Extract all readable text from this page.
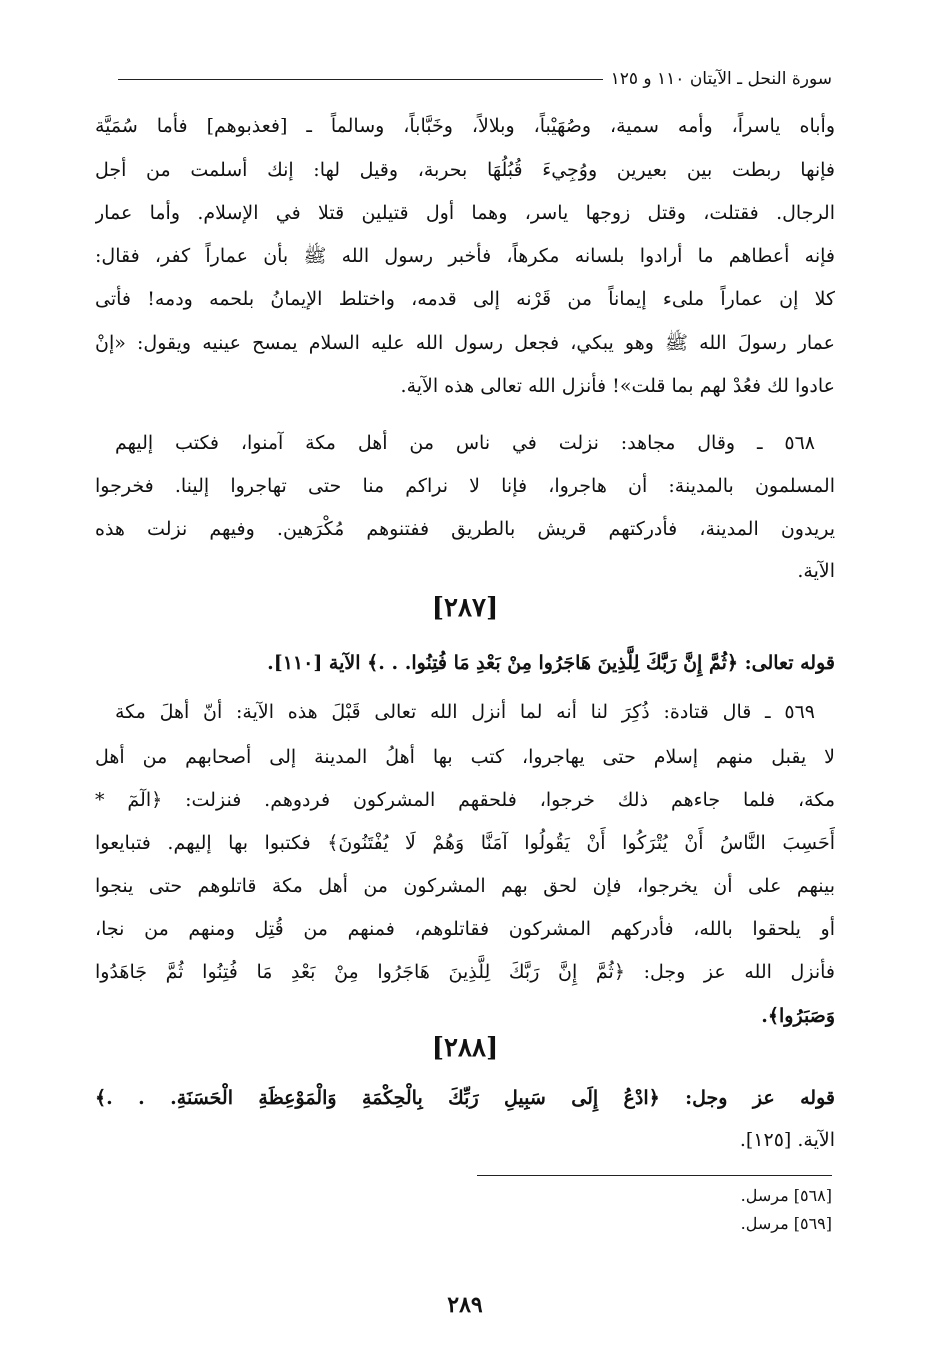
سورة النحل ـ الآيتان ١١٠ و ١٢٥
وأباه ياسراً، وأمه سمية، وصُهَيْباً، وبلالاً، وخَبَّاباً، وسالماً ـ [فعذبوهم] فأما سُمَيَّة
فإنها ربطت بين بعيرين ووُجِيءَ قُبُلُهَا بحربة، وقيل لها: إنك أسلمت من أجل
الرجال. فقتلت، وقتل زوجها ياسر، وهما أول قتيلين قتلا في الإسلام. وأما عمار
فإنه أعطاهم ما أرادوا بلسانه مكرهاً، فأخبر رسول الله ﷺ بأن عماراً كفر، فقال:
كلا إن عماراً ملىء إيماناً من قَرْنه إلى قدمه، واختلط الإيمانُ بلحمه ودمه! فأتى
عمار رسولَ الله ﷺ وهو يبكي، فجعل رسول الله عليه السلام يمسح عينيه ويقول: «إنْ
عادوا لك فعُدْ لهم بما قلت»! فأنزل الله تعالى هذه الآية.
٥٦٨ ـ وقال مجاهد: نزلت في ناس من أهل مكة آمنوا، فكتب إليهم
المسلمون بالمدينة: أن هاجروا، فإنا لا نراكم منا حتى تهاجروا إلينا. فخرجوا
يريدون المدينة، فأدركتهم قريش بالطريق ففتنوهم مُكْرَهين. وفيهم نزلت هذه
الآية.
[٢٨٧]
قوله تعالى: ﴿ثُمَّ إِنَّ رَبَّكَ لِلَّذِينَ هَاجَرُوا مِنْ بَعْدِ مَا فُتِنُوا. . .﴾ الآية [١١٠].
٥٦٩ ـ قال قتادة: ذُكِرَ لنا أنه لما أنزل الله تعالى قَبْلَ هذه الآية: أنّ أهلَ مكة
لا يقبل منهم إسلام حتى يهاجروا، كتب بها أهلُ المدينة إلى أصحابهم من أهل
مكة، فلما جاءهم ذلك خرجوا، فلحقهم المشركون فردوهم. فنزلت: ﴿الٓمٓ *
أَحَسِبَ النَّاسُ أَنْ يُتْرَكُوا أَنْ يَقُولُوا آمَنَّا وَهُمْ لَا يُفْتَنُونَ﴾ فكتبوا بها إليهم. فتبايعوا
بينهم على أن يخرجوا، فإن لحق بهم المشركون من أهل مكة قاتلوهم حتى ينجوا
أو يلحقوا بالله، فأدركهم المشركون فقاتلوهم، فمنهم من قُتِل ومنهم من نجا،
فأنزل الله عز وجل: ﴿ثُمَّ إِنَّ رَبَّكَ لِلَّذِينَ هَاجَرُوا مِنْ بَعْدِ مَا فُتِنُوا ثُمَّ جَاهَدُوا
وَصَبَرُوا﴾.
[٢٨٨]
قوله عز وجل: ﴿ادْعُ إِلَى سَبِيلِ رَبِّكَ بِالْحِكْمَةِ وَالْمَوْعِظَةِ الْحَسَنَةِ. . .﴾
الآية. [١٢٥].
[٥٦٨] مرسل.
[٥٦٩] مرسل.
٢٨٩
